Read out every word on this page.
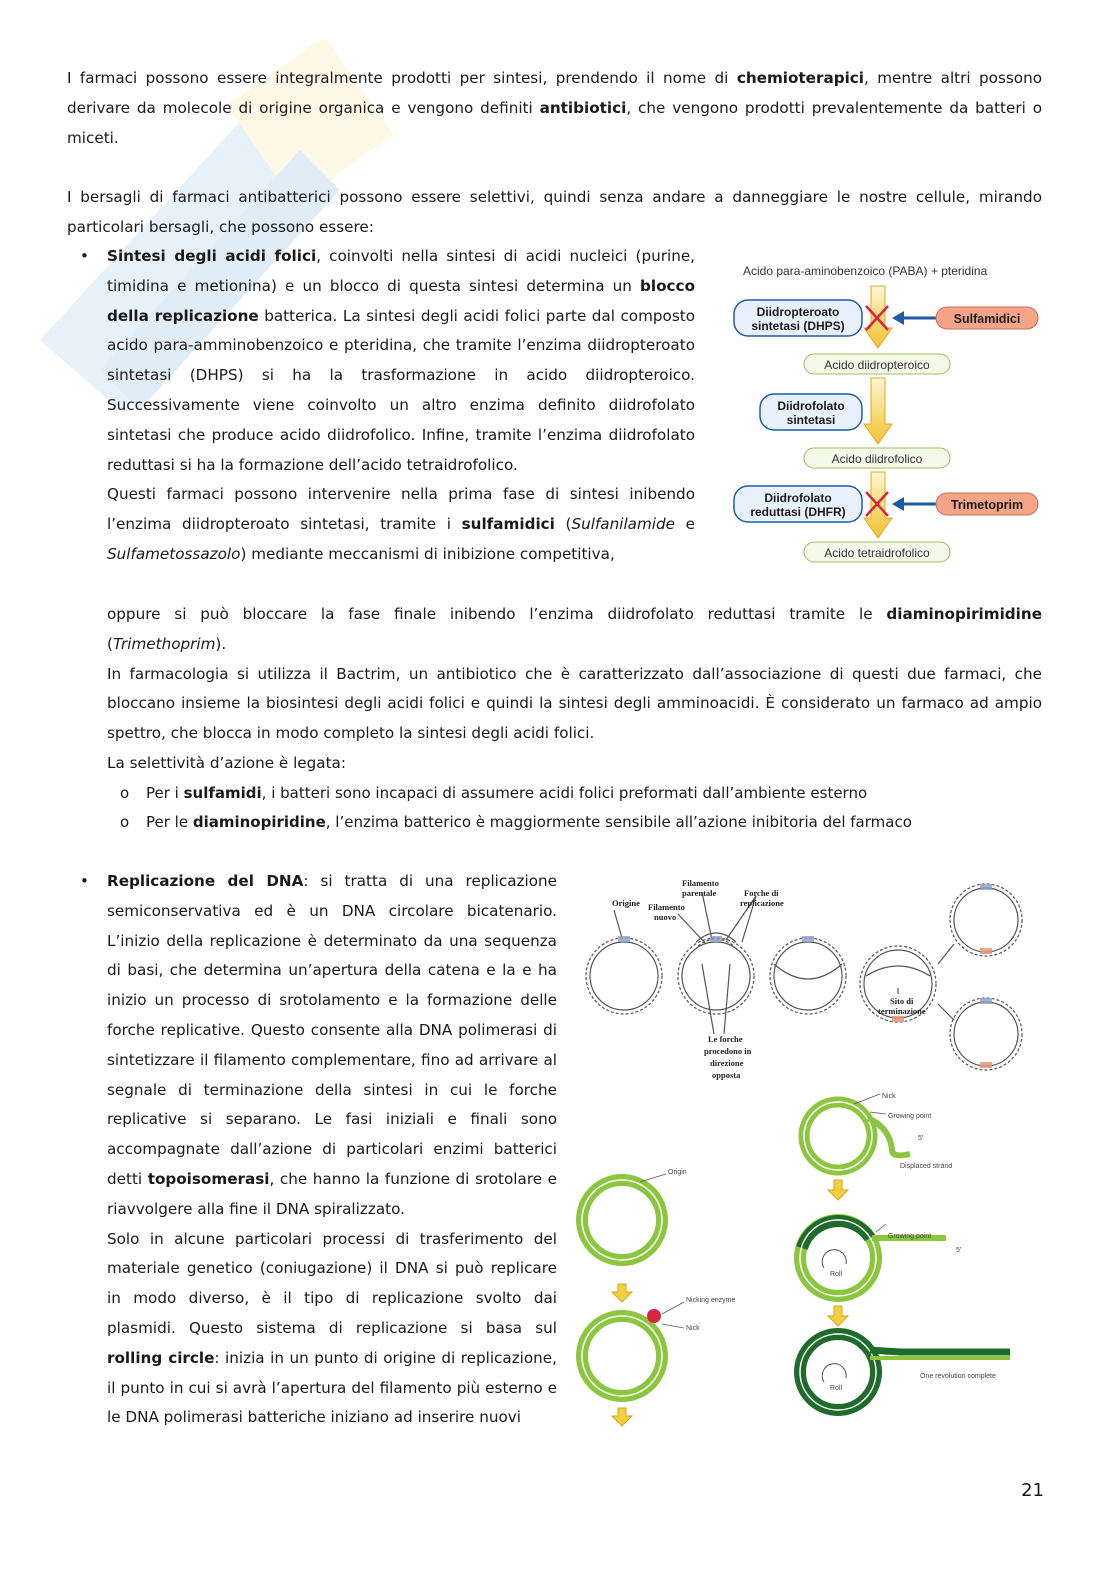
I farmaci possono essere integralmente prodotti per sintesi, prendendo il nome di chemioterapici, mentre altri possono derivare da molecole di origine organica e vengono definiti antibiotici, che vengono prodotti prevalentemente da batteri o miceti.
I bersagli di farmaci antibatterici possono essere selettivi, quindi senza andare a danneggiare le nostre cellule, mirando particolari bersagli, che possono essere:
• Sintesi degli acidi folici, coinvolti nella sintesi di acidi nucleici (purine, timidina e metionina) e un blocco di questa sintesi determina un blocco della replicazione batterica. La sintesi degli acidi folici parte dal composto acido para-amminobenzoico e pteridina, che tramite l’enzima diidropteroato sintetasi (DHPS) si ha la trasformazione in acido diidropteroico. Successivamente viene coinvolto un altro enzima definito diidrofolato sintetasi che produce acido diidrofolico. Infine, tramite l’enzima diidrofolato reduttasi si ha la formazione dell’acido tetraidrofolico.
Questi farmaci possono intervenire nella prima fase di sintesi inibendo l’enzima diidropteroato sintetasi, tramite i sulfamidici (Sulfanilamide e Sulfametossazolo) mediante meccanismi di inibizione competitiva,
oppure si può bloccare la fase finale inibendo l’enzima diidrofolato reduttasi tramite le diaminopirimidine (Trimethoprim).
In farmacologia si utilizza il Bactrim, un antibiotico che è caratterizzato dall’associazione di questi due farmaci, che bloccano insieme la biosintesi degli acidi folici e quindi la sintesi degli amminoacidi. È considerato un farmaco ad ampio spettro, che blocca in modo completo la sintesi degli acidi folici.
La selettività d’azione è legata:
o Per i sulfamidi, i batteri sono incapaci di assumere acidi folici preformati dall’ambiente esterno
o Per le diaminopiridine, l’enzima batterico è maggiormente sensibile all’azione inibitoria del farmaco
Acido para-aminobenzoico (PABA) + pteridina
Diidropteroato
sintetasi (DHPS)	Sulfamidici
Acido diidropteroico
Diidrofolato
sintetasi
Acido diidrofolico
Diidrofolato
reduttasi (DHFR)	Trimetoprim
Acido tetraidrofolico
• Replicazione del DNA: si tratta di una replicazione semiconservativa ed è un DNA circolare bicatenario. L’inizio della replicazione è determinato da una sequenza di basi, che determina un’apertura della catena e la e ha inizio un processo di srotolamento e la formazione delle forche replicative. Questo consente alla DNA polimerasi di sintetizzare il filamento complementare, fino ad arrivare al segnale di terminazione della sintesi in cui le forche replicative si separano. Le fasi iniziali e finali sono accompagnate dall’azione di particolari enzimi batterici detti topoisomerasi, che hanno la funzione di srotolare e riavvolgere alla fine il DNA spiralizzato.
Solo in alcune particolari processi di trasferimento del materiale genetico (coniugazione) il DNA si può replicare in modo diverso, è il tipo di replicazione svolto dai plasmidi. Questo sistema di replicazione si basa sul rolling circle: inizia in un punto di origine di replicazione, il punto in cui si avrà l’apertura del filamento più esterno e le DNA polimerasi batteriche iniziano ad inserire nuovi
Origine
Filamento
parentale
Filamento
nuovo
Forche di
replicazione
Le forche
procedono in
direzione
opposta
Sito di
terminazione
Origin
Nicking enzyme
Nick
Nick
Growing point
5'
Displaced strand
Growing point
5'
Roll
Roll
One revolution complete
21
